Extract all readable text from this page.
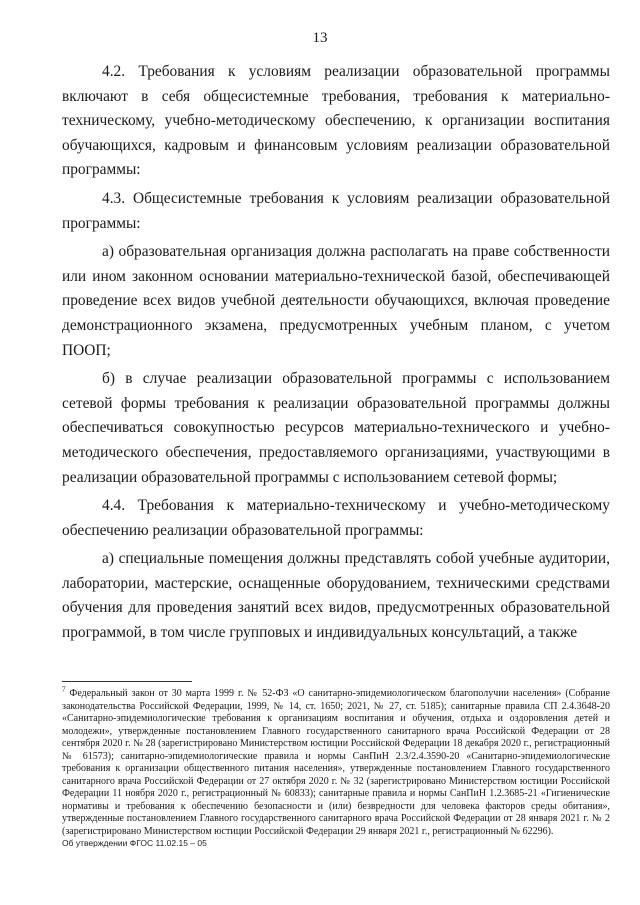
13

4.2. Требования к условиям реализации образовательной программы включают в себя общесистемные требования, требования к материально-техническому, учебно-методическому обеспечению, к организации воспитания обучающихся, кадровым и финансовым условиям реализации образовательной программы:

4.3. Общесистемные требования к условиям реализации образовательной программы:

а) образовательная организация должна располагать на праве собственности или ином законном основании материально-технической базой, обеспечивающей проведение всех видов учебной деятельности обучающихся, включая проведение демонстрационного экзамена, предусмотренных учебным планом, с учетом ПООП;

б) в случае реализации образовательной программы с использованием сетевой формы требования к реализации образовательной программы должны обеспечиваться совокупностью ресурсов материально-технического и учебно-методического обеспечения, предоставляемого организациями, участвующими в реализации образовательной программы с использованием сетевой формы;

4.4. Требования к материально-техническому и учебно-методическому обеспечению реализации образовательной программы:

а) специальные помещения должны представлять собой учебные аудитории, лаборатории, мастерские, оснащенные оборудованием, техническими средствами обучения для проведения занятий всех видов, предусмотренных образовательной программой, в том числе групповых и индивидуальных консультаций, а также

$^7$ Федеральный закон от 30 марта 1999 г. № 52-ФЗ «О санитарно-эпидемиологическом благополучии населения» (Собрание законодательства Российской Федерации, 1999, № 14, ст. 1650; 2021, № 27, ст. 5185); санитарные правила СП 2.4.3648-20 «Санитарно-эпидемиологические требования к организациям воспитания и обучения, отдыха и оздоровления детей и молодежи», утвержденные постановлением Главного государственного санитарного врача Российской Федерации от 28 сентября 2020 г. № 28 (зарегистрировано Министерством юстиции Российской Федерации 18 декабря 2020 г., регистрационный № 61573); санитарно-эпидемиологические правила и нормы СанПиН 2.3/2.4.3590-20 «Санитарно-эпидемиологические требования к организации общественного питания населения», утвержденные постановлением Главного государственного санитарного врача Российской Федерации от 27 октября 2020 г. № 32 (зарегистрировано Министерством юстиции Российской Федерации 11 ноября 2020 г., регистрационный № 60833); санитарные правила и нормы СанПиН 1.2.3685-21 «Гигиенические нормативы и требования к обеспечению безопасности и (или) безвредности для человека факторов среды обитания», утвержденные постановлением Главного государственного санитарного врача Российской Федерации от 28 января 2021 г. № 2 (зарегистрировано Министерством юстиции Российской Федерации 29 января 2021 г., регистрационный № 62296).

Об утверждении ФГОС 11.02.15 – 05
